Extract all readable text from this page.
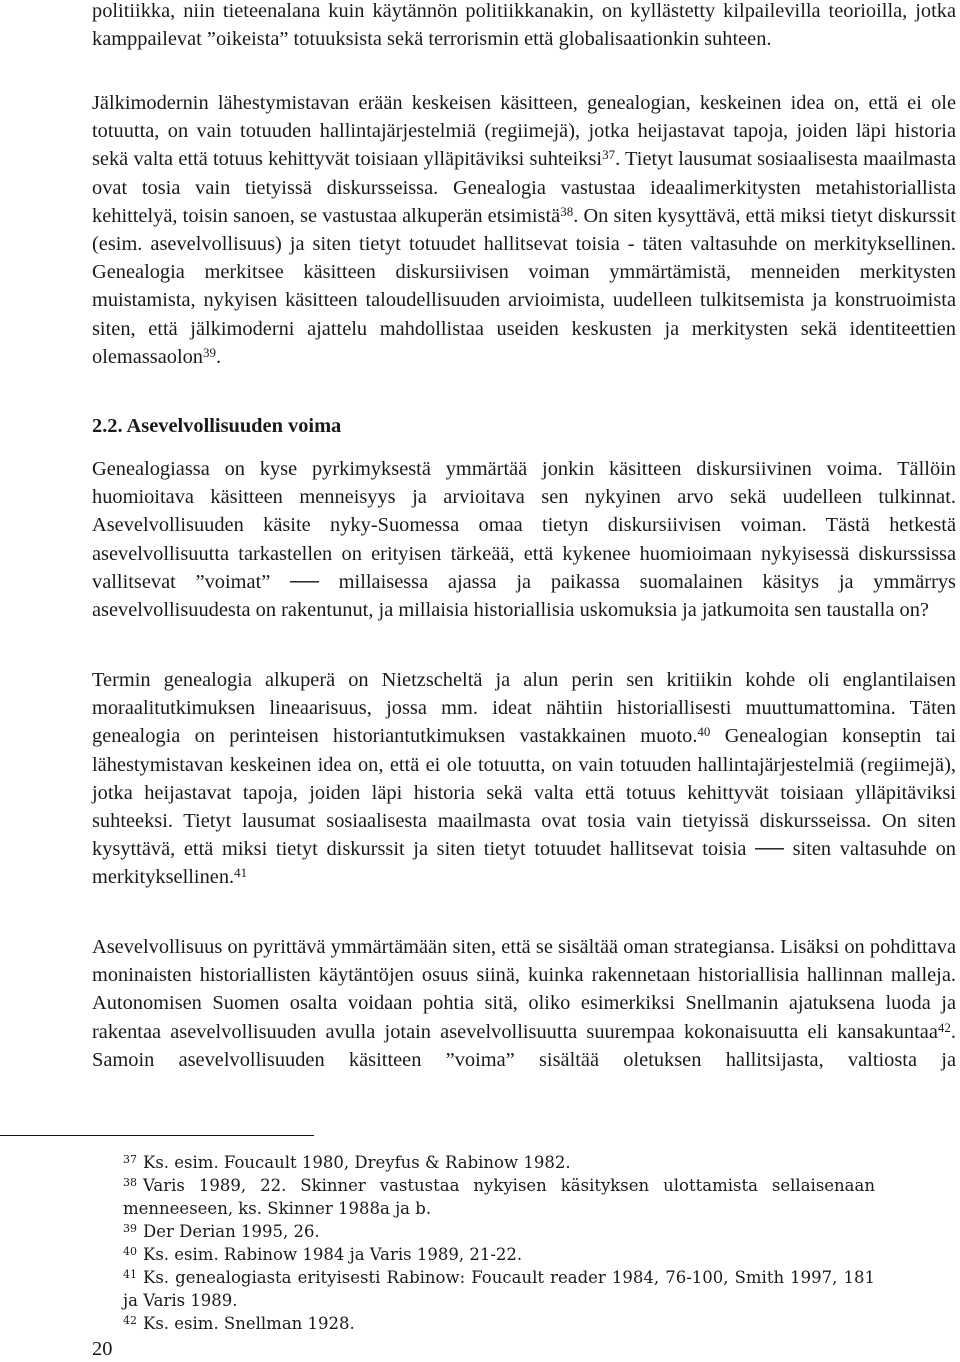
politiikka, niin tieteenalana kuin käytännön politiikkanakin, on kyllästetty kilpailevilla teorioilla, jotka kamppailevat ”oikeista” totuuksista sekä terrorismin että globalisaationkin suhteen.

Jälkimodernin lähestymistavan erään keskeisen käsitteen, genealogian, keskeinen idea on, että ei ole totuutta, on vain totuuden hallintajärjestelmiä (regiimejä), jotka heijastavat tapoja, joiden läpi historia sekä valta että totuus kehittyvät toisiaan ylläpitäviksi suhteiksi$^{37}$. Tietyt lausumat sosiaalisesta maailmasta ovat tosia vain tietyissä diskursseissa. Genealogia vastustaa ideaalimerkitysten metahistoriallista kehittelyä, toisin sanoen, se vastustaa alkuperän etsimistä$^{38}$. On siten kysyttävä, että miksi tietyt diskurssit (esim. asevelvollisuus) ja siten tietyt totuudet hallitsevat toisia - täten valtasuhde on merkityksellinen. Genealogia merkitsee käsitteen diskursiivisen voiman ymmärtämistä, menneiden merkitysten muistamista, nykyisen käsitteen taloudellisuuden arvioimista, uudelleen tulkitsemista ja konstruoimista siten, että jälkimoderni ajattelu mahdollistaa useiden keskusten ja merkitysten sekä identiteettien olemassaolon$^{39}$.

2.2. Asevelvollisuuden voima

Genealogiassa on kyse pyrkimyksestä ymmärtää jonkin käsitteen diskursiivinen voima. Tällöin huomioitava käsitteen menneisyys ja arvioitava sen nykyinen arvo sekä uudelleen tulkinnat. Asevelvollisuuden käsite nyky-Suomessa omaa tietyn diskursiivisen voiman. Tästä hetkestä asevelvollisuutta tarkastellen on erityisen tärkeää, että kykenee huomioimaan nykyisessä diskurssissa vallitsevat ”voimat” ── millaisessa ajassa ja paikassa suomalainen käsitys ja ymmärrys asevelvollisuudesta on rakentunut, ja millaisia historiallisia uskomuksia ja jatkumoita sen taustalla on?

Termin genealogia alkuperä on Nietzscheltä ja alun perin sen kritiikin kohde oli englantilaisen moraalitutkimuksen lineaarisuus, jossa mm. ideat nähtiin historiallisesti muuttumattomina. Täten genealogia on perinteisen historiantutkimuksen vastakkainen muoto.$^{40}$ Genealogian konseptin tai lähestymistavan keskeinen idea on, että ei ole totuutta, on vain totuuden hallintajärjestelmiä (regiimejä), jotka heijastavat tapoja, joiden läpi historia sekä valta että totuus kehittyvät toisiaan ylläpitäviksi suhteeksi. Tietyt lausumat sosiaalisesta maailmasta ovat tosia vain tietyissä diskursseissa. On siten kysyttävä, että miksi tietyt diskurssit ja siten tietyt totuudet hallitsevat toisia ── siten valtasuhde on merkityksellinen.$^{41}$

Asevelvollisuus on pyrittävä ymmärtämään siten, että se sisältää oman strategiansa. Lisäksi on pohdittava moninaisten historiallisten käytäntöjen osuus siinä, kuinka rakennetaan historiallisia hallinnan malleja. Autonomisen Suomen osalta voidaan pohtia sitä, oliko esimerkiksi Snellmanin ajatuksena luoda ja rakentaa asevelvollisuuden avulla jotain asevelvollisuutta suurempaa kokonaisuutta eli kansakuntaa$^{42}$. Samoin asevelvollisuuden käsitteen ”voima” sisältää oletuksen hallitsijasta, valtiosta ja

$^{37}$ Ks. esim. Foucault 1980, Dreyfus & Rabinow 1982.

$^{38}$ Varis 1989, 22. Skinner vastustaa nykyisen käsityksen ulottamista sellaisenaan menneeseen, ks. Skinner 1988a ja b.

$^{39}$ Der Derian 1995, 26.

$^{40}$ Ks. esim. Rabinow 1984 ja Varis 1989, 21-22.

$^{41}$ Ks. genealogiasta erityisesti Rabinow: Foucault reader 1984, 76-100, Smith 1997, 181 ja Varis 1989.

$^{42}$ Ks. esim. Snellman 1928.

20
